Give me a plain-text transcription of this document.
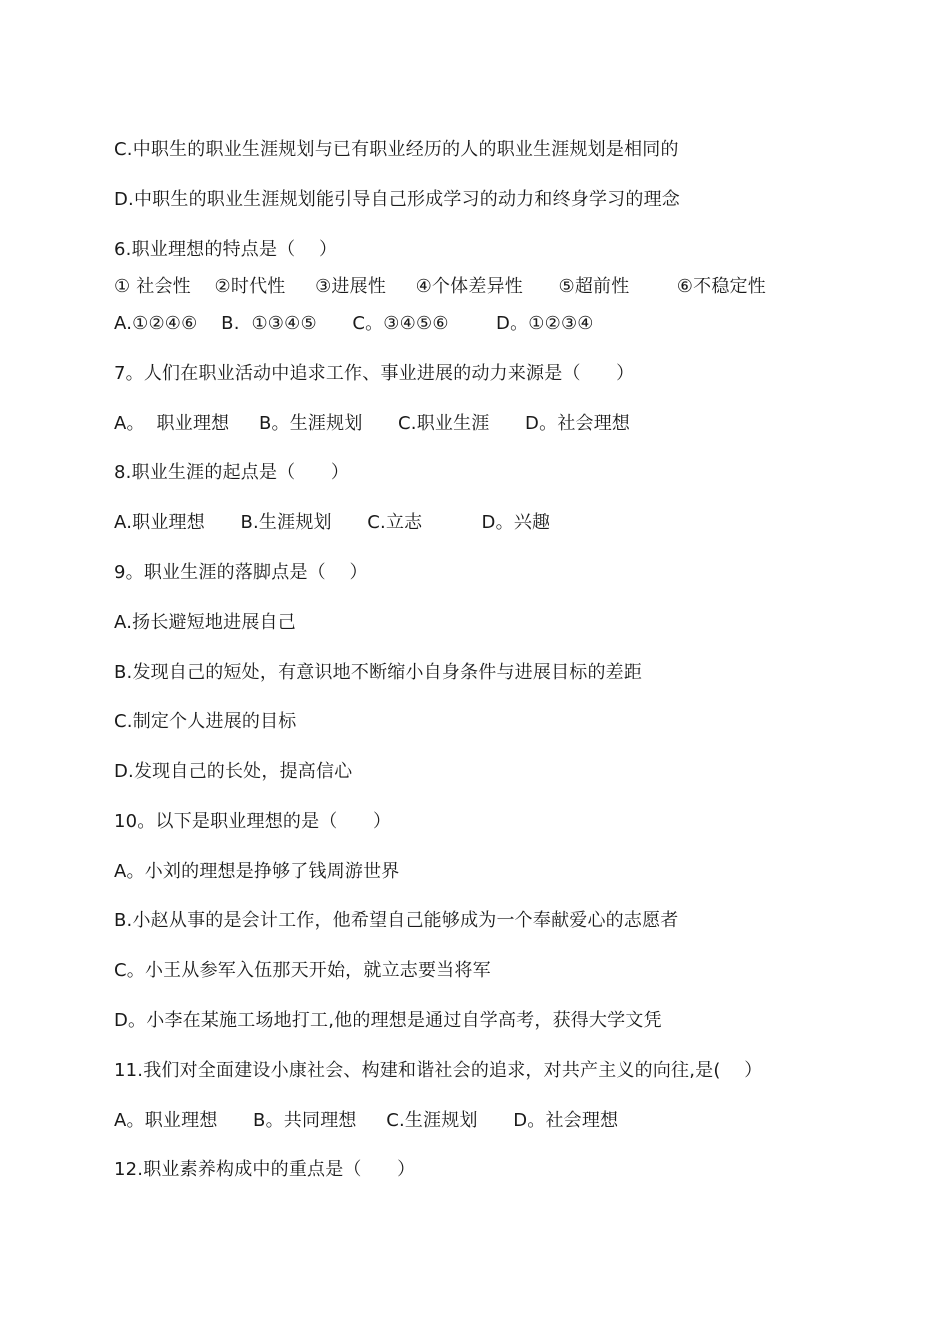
C.中职生的职业生涯规划与已有职业经历的人的职业生涯规划是相同的
D.中职生的职业生涯规划能引导自己形成学习的动力和终身学习的理念
6.职业理想的特点是（    ）
① 社会性    ②时代性     ③进展性     ④个体差异性      ⑤超前性        ⑥不稳定性
A.①②④⑥    B.  ①③④⑤      C。③④⑤⑥        D。①②③④
7。人们在职业活动中追求工作、事业进展的动力来源是（      ）
A。  职业理想     B。生涯规划      C.职业生涯      D。社会理想
8.职业生涯的起点是（      ）
A.职业理想      B.生涯规划      C.立志          D。兴趣
9。职业生涯的落脚点是（    ）
A.扬长避短地进展自己
B.发现自己的短处，有意识地不断缩小自身条件与进展目标的差距
C.制定个人进展的目标
D.发现自己的长处，提高信心
10。以下是职业理想的是（      ）
A。小刘的理想是挣够了钱周游世界
B.小赵从事的是会计工作，他希望自己能够成为一个奉献爱心的志愿者
C。小王从参军入伍那天开始，就立志要当将军
D。小李在某施工场地打工,他的理想是通过自学高考，获得大学文凭
11.我们对全面建设小康社会、构建和谐社会的追求，对共产主义的向往,是(    ）
A。职业理想      B。共同理想     C.生涯规划      D。社会理想
12.职业素养构成中的重点是（      ）
